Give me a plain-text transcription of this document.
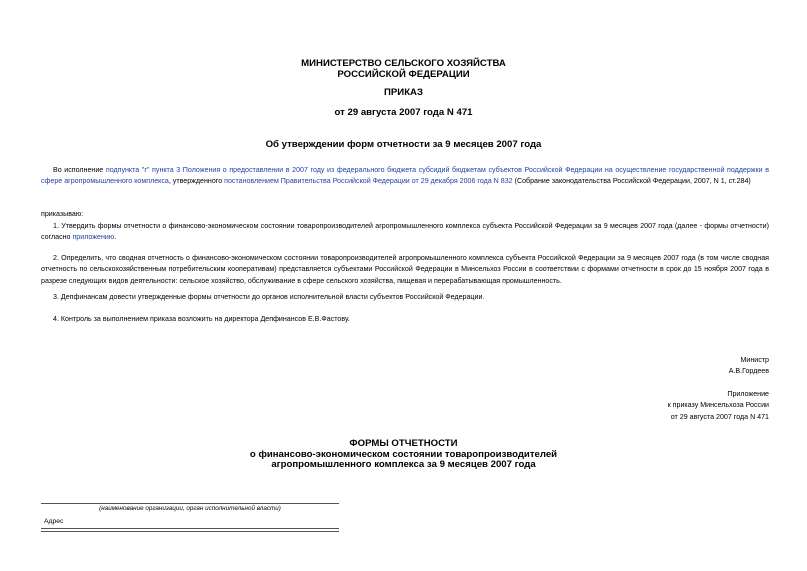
МИНИСТЕРСТВО СЕЛЬСКОГО ХОЗЯЙСТВА
РОССИЙСКОЙ ФЕДЕРАЦИИ
ПРИКАЗ
от 29 августа 2007 года N 471
Об утверждении форм отчетности за 9 месяцев 2007 года
Во исполнение подпункта "г" пункта 3 Положения о предоставлении в 2007 году из федерального бюджета субсидий бюджетам субъектов Российской Федерации на осуществление государственной поддержки в сфере агропромышленного комплекса, утвержденного постановлением Правительства Российской Федерации от 29 декабря 2006 года N 832 (Собрание законодательства Российской Федерации, 2007, N 1, ст.284)
приказываю:
1. Утвердить формы отчетности о финансово-экономическом состоянии товаропроизводителей агропромышленного комплекса субъекта Российской Федерации за 9 месяцев 2007 года (далее - формы отчетности) согласно приложению.
2. Определить, что сводная отчетность о финансово-экономическом состоянии товаропроизводителей агропромышленного комплекса субъекта Российской Федерации за 9 месяцев 2007 года (в том числе сводная отчетность по сельскохозяйственным потребительским кооперативам) представляется субъектами Российской Федерации в Минсельхоз России в соответствии с формами отчетности в срок до 15 ноября 2007 года в разрезе следующих видов деятельности: сельское хозяйство, обслуживание в сфере сельского хозяйства, пищевая и перерабатывающая промышленность.
3. Депфинансам довести утвержденные формы отчетности до органов исполнительной власти субъектов Российской Федерации.
4. Контроль за выполнением приказа возложить на директора Депфинансов Е.В.Фастову.
Министр
А.В.Гордеев
Приложение
к приказу Минсельхоза России
от 29 августа 2007 года N 471
ФОРМЫ ОТЧЕТНОСТИ
о финансово-экономическом состоянии товаропроизводителей
агропромышленного комплекса за 9 месяцев 2007 года
(наименование организации, орган исполнительной власти)
Адрес
